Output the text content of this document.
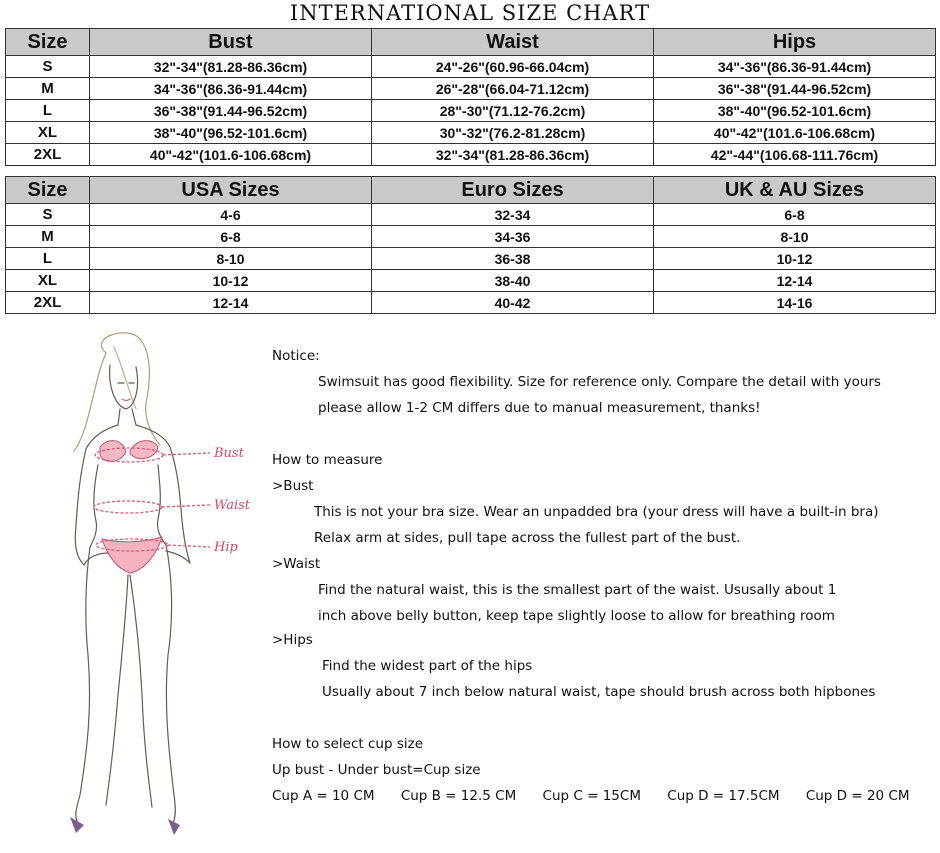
INTERNATIONAL SIZE CHART
Size	Bust	Waist	Hips
S	32"-34"(81.28-86.36cm)	24"-26"(60.96-66.04cm)	34"-36"(86.36-91.44cm)
M	34"-36"(86.36-91.44cm)	26"-28"(66.04-71.12cm)	36"-38"(91.44-96.52cm)
L	36"-38"(91.44-96.52cm)	28"-30"(71.12-76.2cm)	38"-40"(96.52-101.6cm)
XL	38"-40"(96.52-101.6cm)	30"-32"(76.2-81.28cm)	40"-42"(101.6-106.68cm)
2XL	40"-42"(101.6-106.68cm)	32"-34"(81.28-86.36cm)	42"-44"(106.68-111.76cm)
Size	USA Sizes	Euro Sizes	UK & AU Sizes
S	4-6	32-34	6-8
M	6-8	34-36	8-10
L	8-10	36-38	10-12
XL	10-12	38-40	12-14
2XL	12-14	40-42	14-16
Bust
Waist
Hip
Notice:
Swimsuit has good flexibility. Size for reference only. Compare the detail with yours
please allow 1-2 CM differs due to manual measurement, thanks!
How to measure
>Bust
This is not your bra size. Wear an unpadded bra (your dress will have a built-in bra)
Relax arm at sides, pull tape across the fullest part of the bust.
>Waist
Find the natural waist, this is the smallest part of the waist. Ususally about 1
inch above belly button, keep tape slightly loose to allow for breathing room
>Hips
Find the widest part of the hips
Usually about 7 inch below natural waist, tape should brush across both hipbones
How to select cup size
Up bust - Under bust=Cup size
Cup A = 10 CM Cup B = 12.5 CM Cup C = 15CM Cup D = 17.5CM Cup D = 20 CM
